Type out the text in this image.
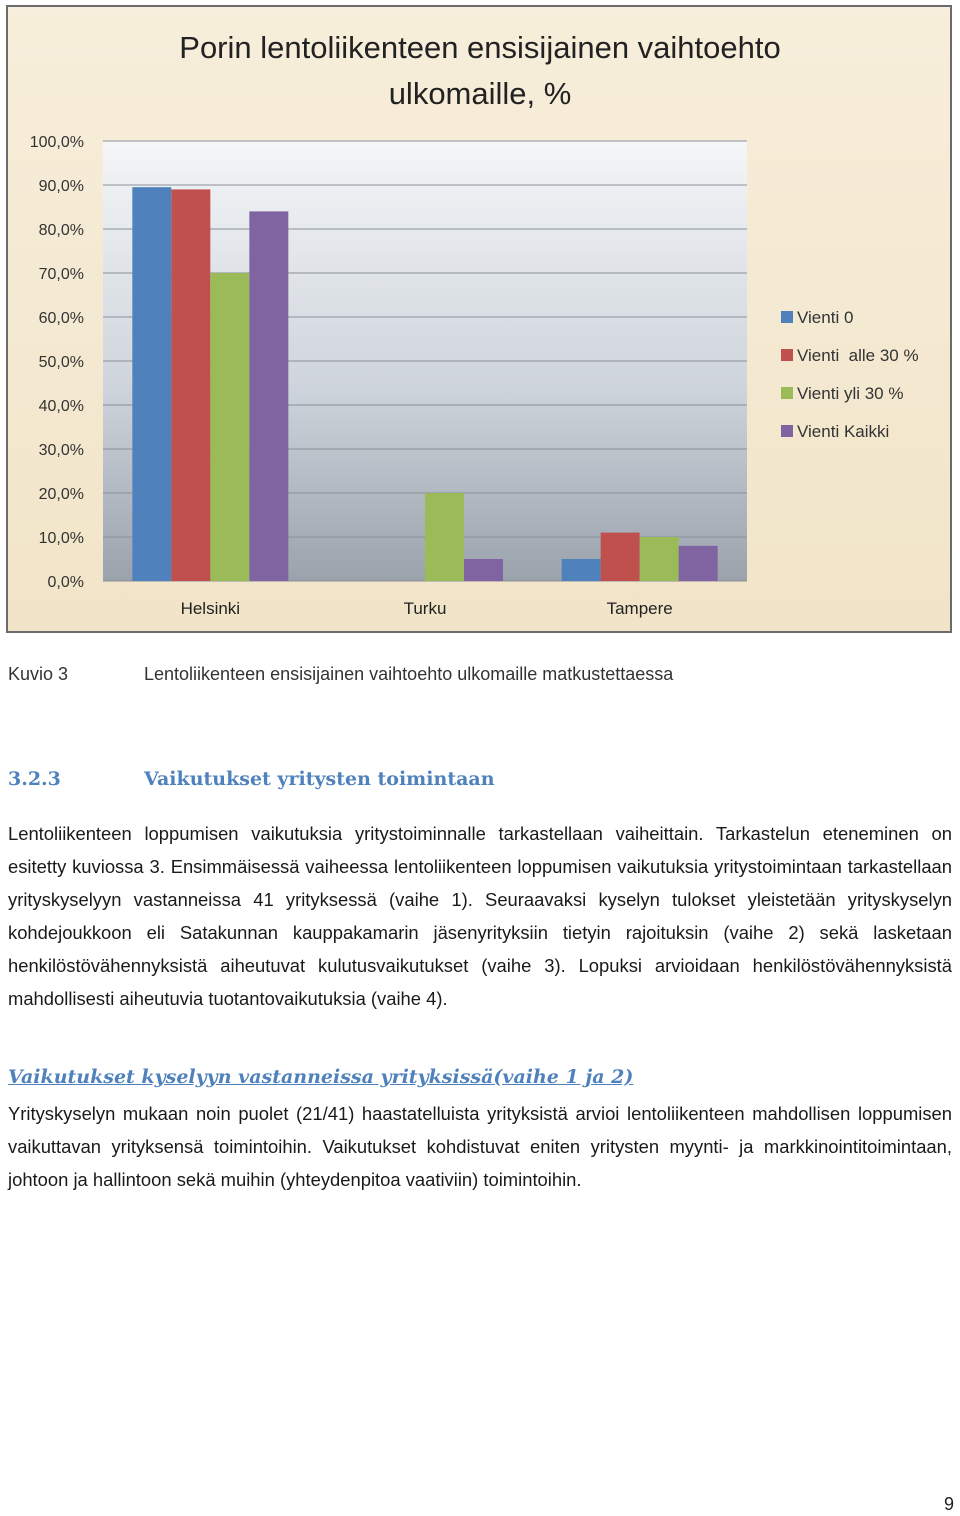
Porin lentoliikenteen ensisijainen vaihtoehto
ulkomaille, %
0,0%
10,0%
20,0%
30,0%
40,0%
50,0%
60,0%
70,0%
80,0%
90,0%
100,0%
Helsinki	Turku	Tampere
Vienti 0
Vienti  alle 30 %
Vienti yli 30 %
Vienti Kaikki
Kuvio 3	Lentoliikenteen ensisijainen vaihtoehto ulkomaille matkustettaessa
3.2.3	Vaikutukset yritysten toimintaan
Lentoliikenteen loppumisen vaikutuksia yritystoiminnalle tarkastellaan vaiheittain. Tarkastelun eteneminen on esitetty kuviossa 3. Ensimmäisessä vaiheessa lentoliikenteen loppumisen vaikutuksia yritystoimintaan tarkastellaan yrityskyselyyn vastanneissa 41 yrityksessä (vaihe 1). Seuraavaksi kyselyn tulokset yleistetään yrityskyselyn kohdejoukkoon eli Satakunnan kauppakamarin jäsenyrityksiin tietyin rajoituksin (vaihe 2) sekä lasketaan henkilöstövähennyksistä aiheutuvat kulutusvaikutukset (vaihe 3). Lopuksi arvioidaan henkilöstövähennyksistä mahdollisesti aiheutuvia tuotantovaikutuksia (vaihe 4).
Vaikutukset kyselyyn vastanneissa yrityksissä(vaihe 1 ja 2)
Yrityskyselyn mukaan noin puolet (21/41) haastatelluista yrityksistä arvioi lentoliikenteen mahdollisen loppumisen vaikuttavan yrityksensä toimintoihin. Vaikutukset kohdistuvat eniten yritysten myynti- ja markkinointitoimintaan, johtoon ja hallintoon sekä muihin (yhteydenpitoa vaativiin) toimintoihin.
9
